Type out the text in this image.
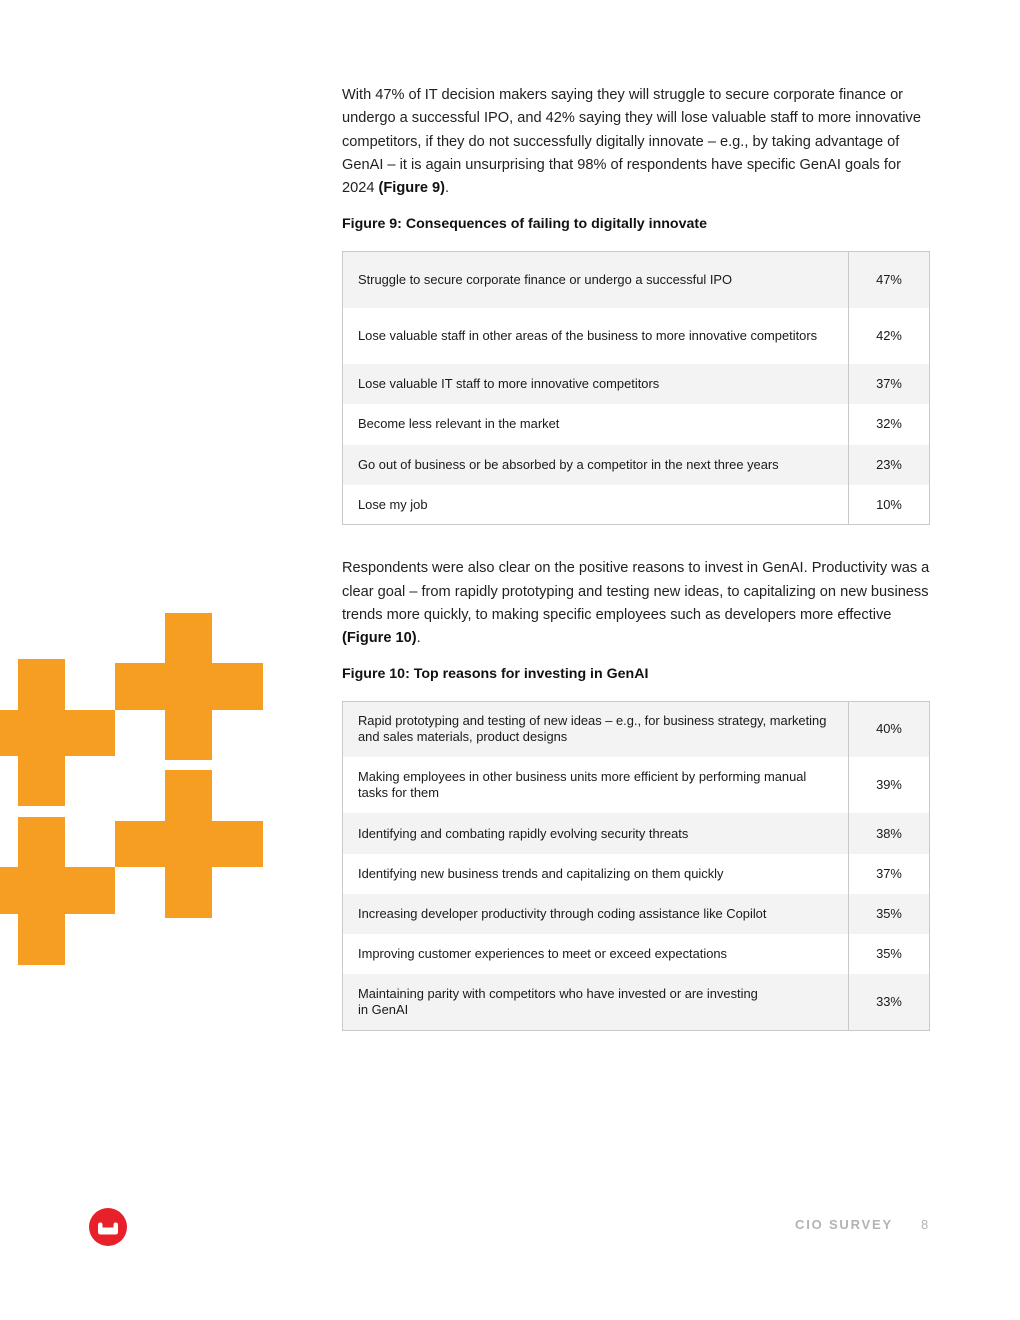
With 47% of IT decision makers saying they will struggle to secure corporate finance or undergo a successful IPO, and 42% saying they will lose valuable staff to more innovative competitors, if they do not successfully digitally innovate – e.g., by taking advantage of GenAI – it is again unsurprising that 98% of respondents have specific GenAI goals for 2024 (Figure 9).

Figure 9: Consequences of failing to digitally innovate

Struggle to secure corporate finance or undergo a successful IPO	47%
Lose valuable staff in other areas of the business to more innovative competitors	42%
Lose valuable IT staff to more innovative competitors	37%
Become less relevant in the market	32%
Go out of business or be absorbed by a competitor in the next three years	23%
Lose my job	10%

Respondents were also clear on the positive reasons to invest in GenAI. Productivity was a clear goal – from rapidly prototyping and testing new ideas, to capitalizing on new business trends more quickly, to making specific employees such as developers more effective (Figure 10).

Figure 10: Top reasons for investing in GenAI

Rapid prototyping and testing of new ideas – e.g., for business strategy, marketing and sales materials, product designs	40%
Making employees in other business units more efficient by performing manual tasks for them	39%
Identifying and combating rapidly evolving security threats	38%
Identifying new business trends and capitalizing on them quickly	37%
Increasing developer productivity through coding assistance like Copilot	35%
Improving customer experiences to meet or exceed expectations	35%
Maintaining parity with competitors who have invested or are investing in GenAI	33%
CIO SURVEY 8
